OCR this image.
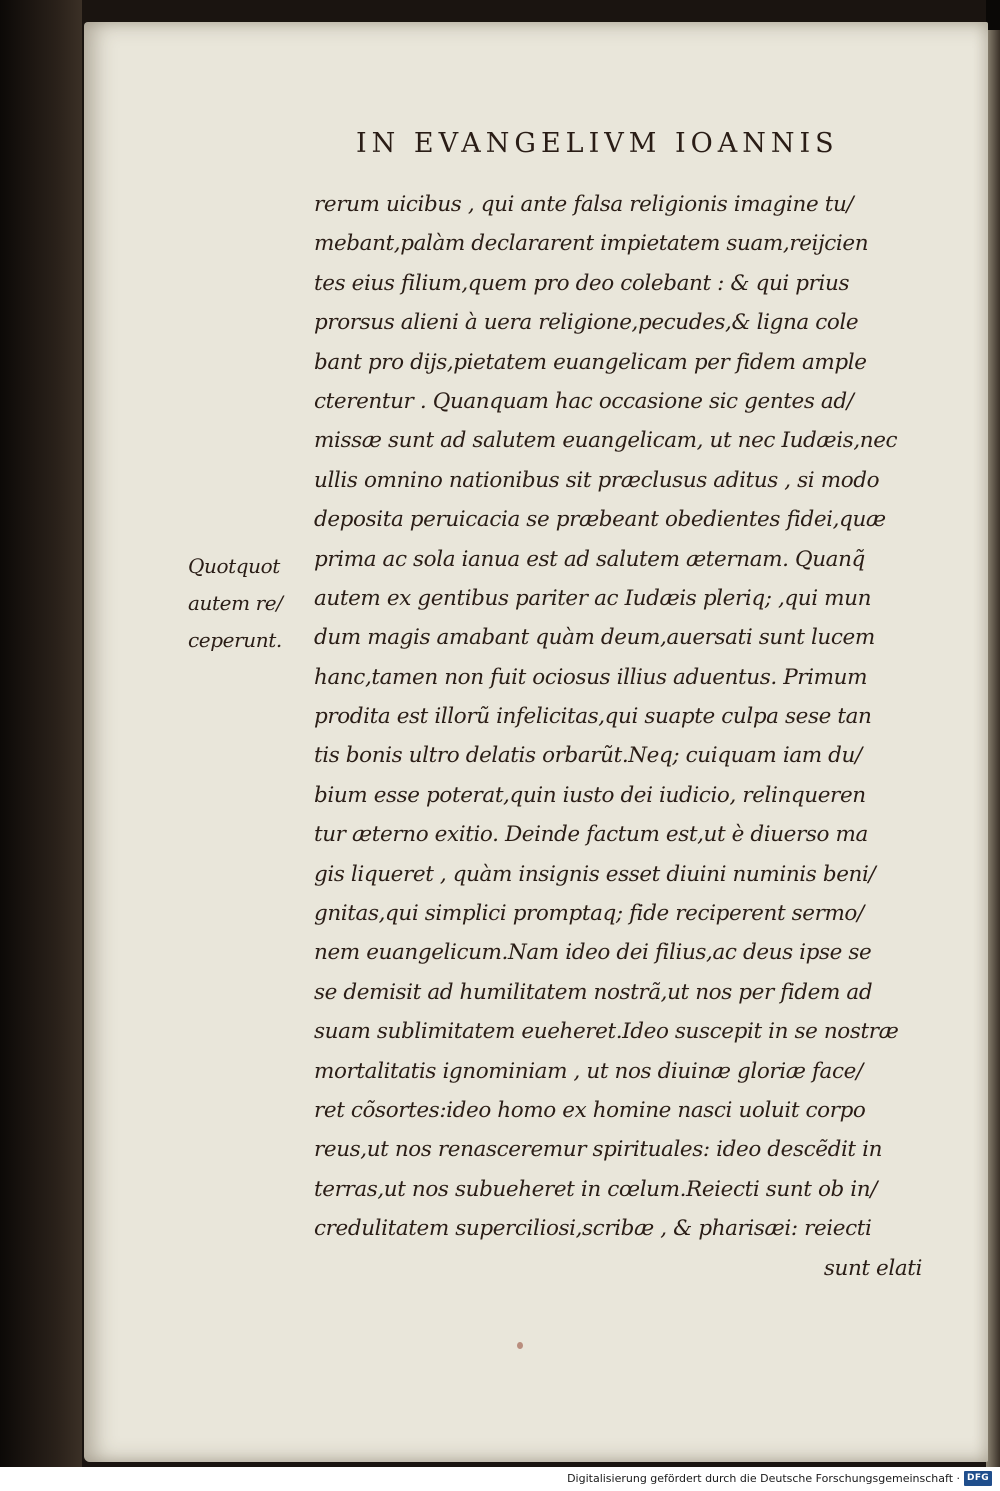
IN EVANGELIVM IOANNIS
Quotquot
autem re/
ceperunt.
rerum uicibus , qui ante falsa religionis imagine tu/
mebant,palàm declararent impietatem suam,reijcien
tes eius filium,quem pro deo colebant : & qui prius
prorsus alieni à uera religione,pecudes,& ligna cole
bant pro dijs,pietatem euangelicam per fidem ample
cterentur . Quanquam hac occasione sic gentes ad/
missæ sunt ad salutem euangelicam, ut nec Iudæis,nec
ullis omnino nationibus sit præclusus aditus , si modo
deposita peruicacia se præbeant obedientes fidei,quæ
prima ac sola ianua est ad salutem æternam. Quanq̃
autem ex gentibus pariter ac Iudæis pleriq; ,qui mun
dum magis amabant quàm deum,auersati sunt lucem
hanc,tamen non fuit ociosus illius aduentus. Primum
prodita est illorũ infelicitas,qui suapte culpa sese tan
tis bonis ultro delatis orbarũt.Neq; cuiquam iam du/
bium esse poterat,quin iusto dei iudicio, relinqueren
tur æterno exitio. Deinde factum est,ut è diuerso ma
gis liqueret , quàm insignis esset diuini numinis beni/
gnitas,qui simplici promptaq; fide reciperent sermo/
nem euangelicum.Nam ideo dei filius,ac deus ipse se
se demisit ad humilitatem nostrã,ut nos per fidem ad
suam sublimitatem eueheret.Ideo suscepit in se nostræ
mortalitatis ignominiam , ut nos diuinæ gloriæ face/
ret cõsortes:ideo homo ex homine nasci uoluit corpo
reus,ut nos renasceremur spirituales: ideo descẽdit in
terras,ut nos subueheret in cœlum.Reiecti sunt ob in/
credulitatem superciliosi,scribæ , & pharisæi: reiecti
sunt elati
Digitalisierung gefördert durch die Deutsche Forschungsgemeinschaft · DFG
